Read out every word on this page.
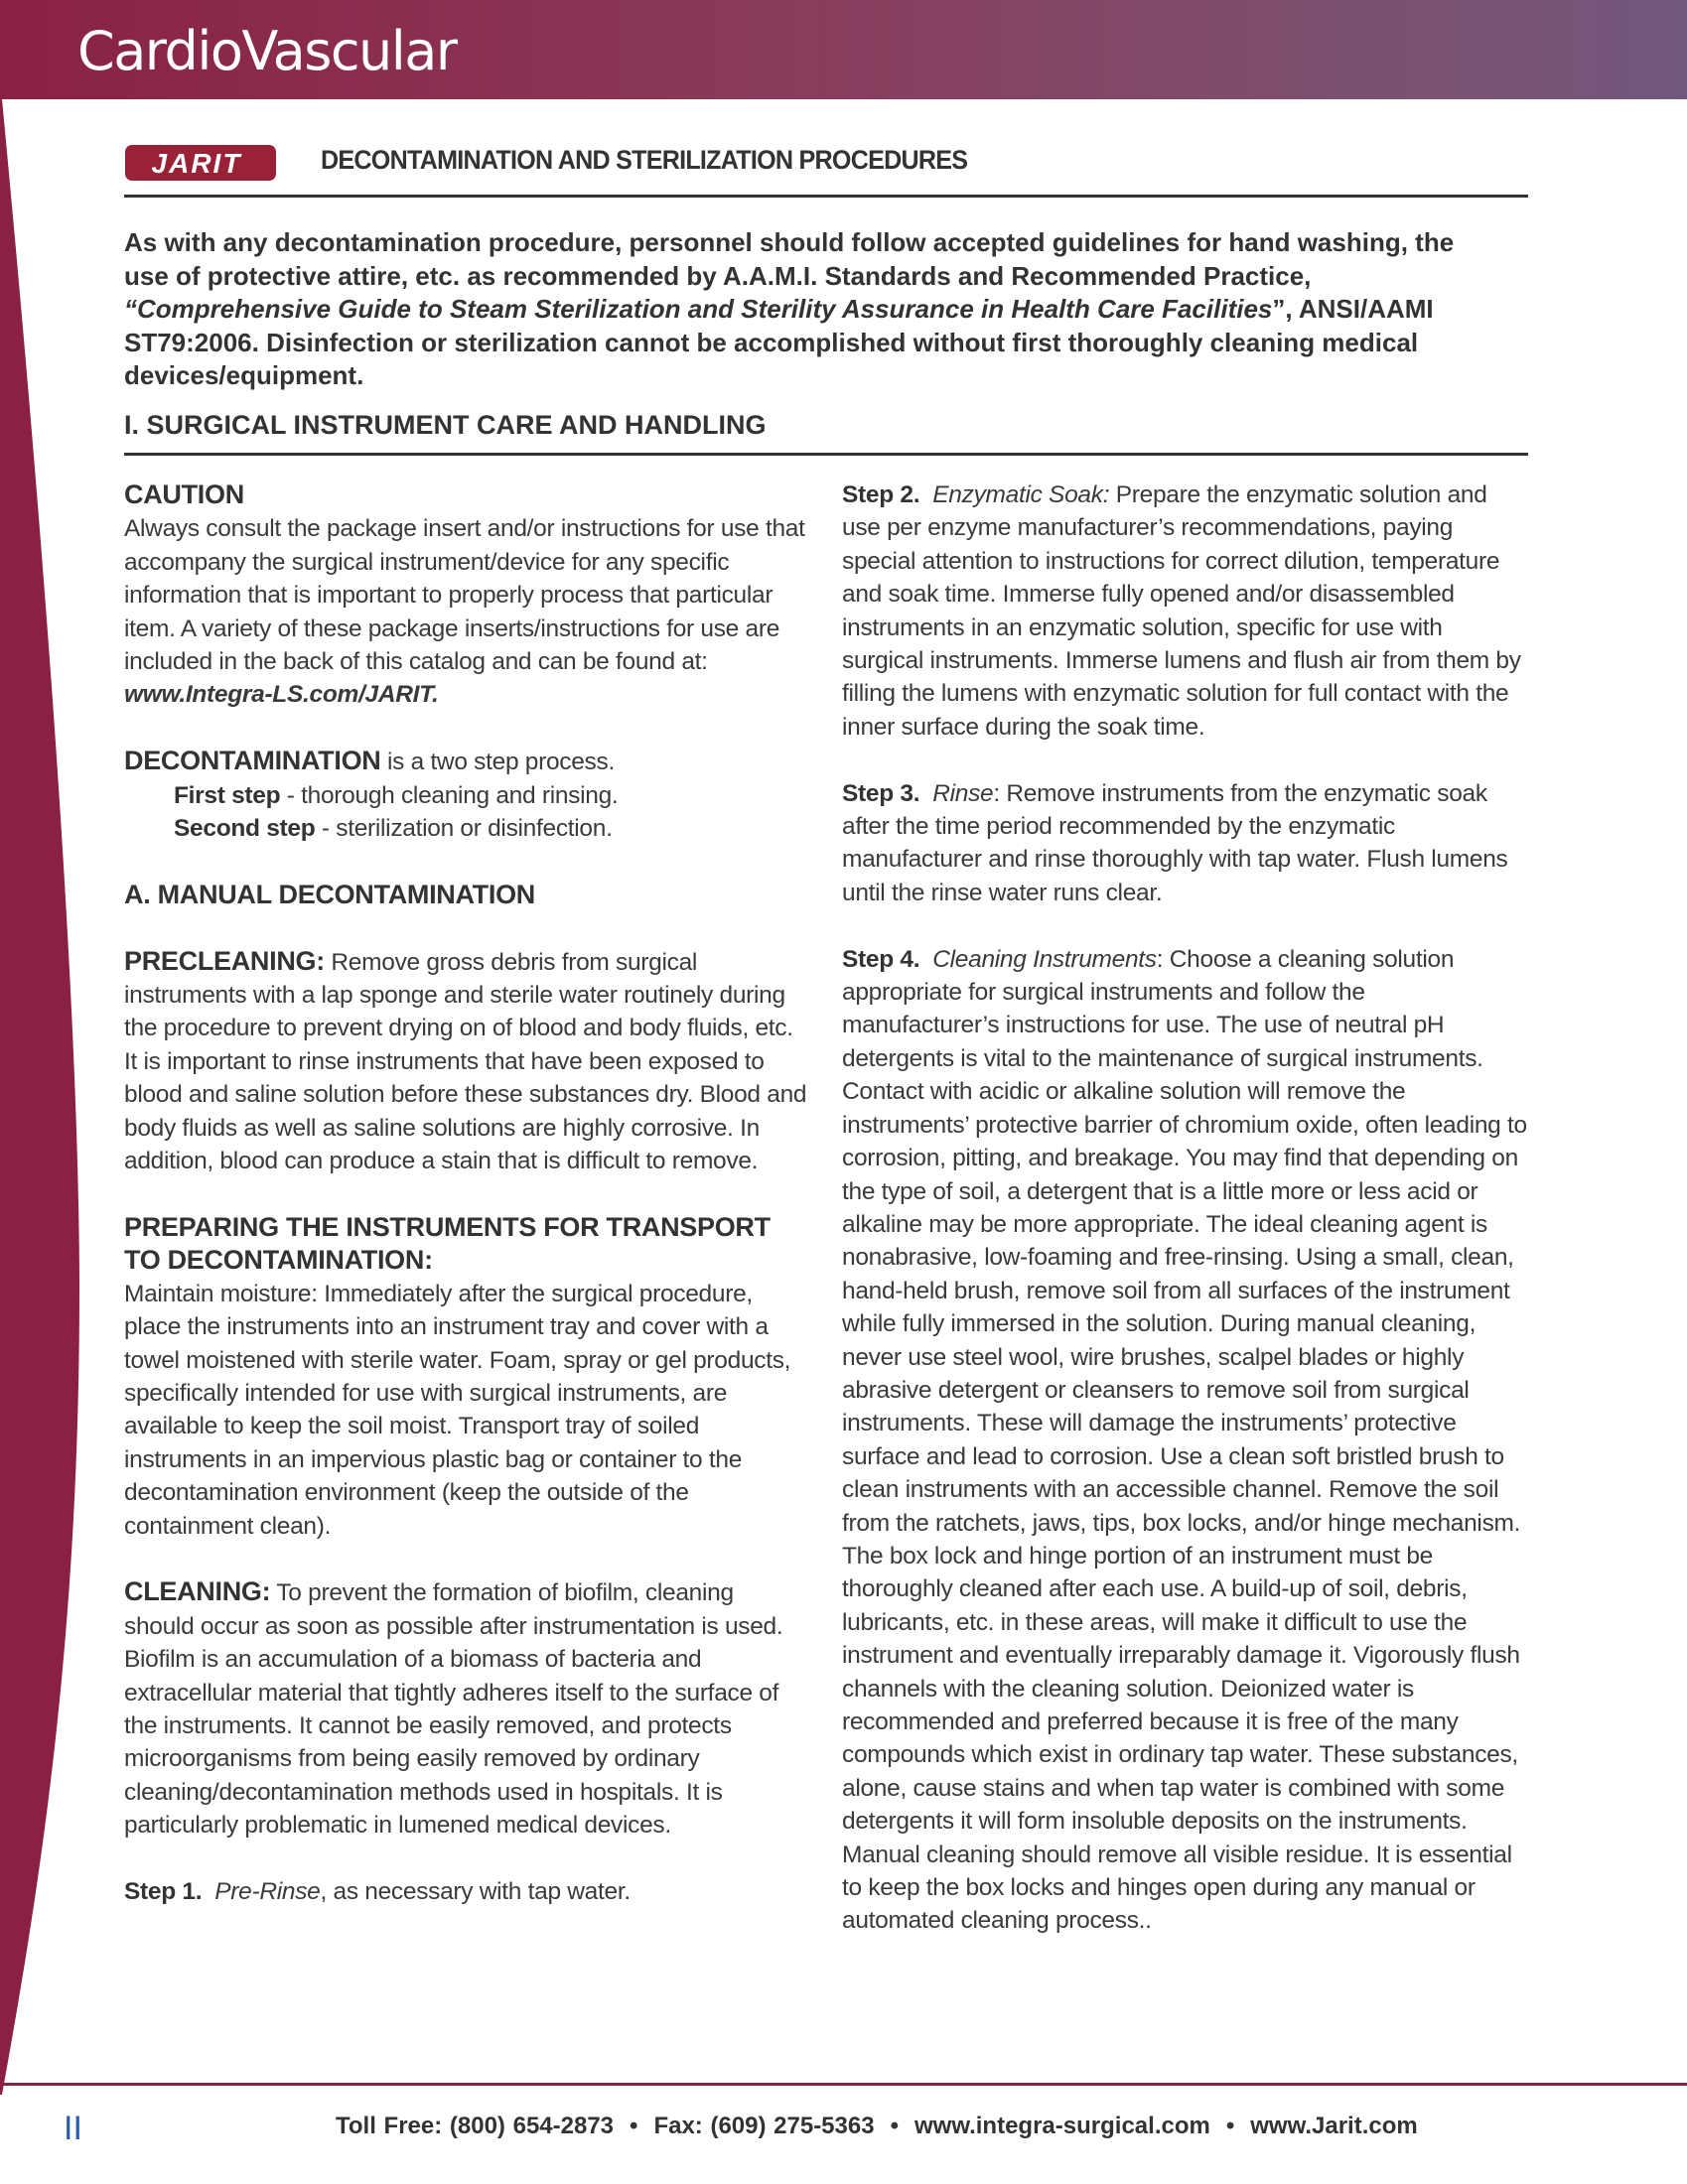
CardioVascular
JARIT	DECONTAMINATION AND STERILIZATION PROCEDURES
As with any decontamination procedure, personnel should follow accepted guidelines for hand washing, the use of protective attire, etc. as recommended by A.A.M.I. Standards and Recommended Practice, “Comprehensive Guide to Steam Sterilization and Sterility Assurance in Health Care Facilities”, ANSI/AAMI ST79:2006. Disinfection or sterilization cannot be accomplished without first thoroughly cleaning medical devices/equipment.
I. SURGICAL INSTRUMENT CARE AND HANDLING

CAUTION
Always consult the package insert and/or instructions for use that accompany the surgical instrument/device for any specific information that is important to properly process that particular item. A variety of these package inserts/instructions for use are included in the back of this catalog and can be found at:
www.Integra-LS.com/JARIT.

DECONTAMINATION is a two step process.
First step - thorough cleaning and rinsing.
Second step - sterilization or disinfection.

A. MANUAL DECONTAMINATION

PRECLEANING: Remove gross debris from surgical instruments with a lap sponge and sterile water routinely during the procedure to prevent drying on of blood and body fluids, etc. It is important to rinse instruments that have been exposed to blood and saline solution before these substances dry. Blood and body fluids as well as saline solutions are highly corrosive. In addition, blood can produce a stain that is difficult to remove.

PREPARING THE INSTRUMENTS FOR TRANSPORT TO DECONTAMINATION:
Maintain moisture: Immediately after the surgical procedure, place the instruments into an instrument tray and cover with a towel moistened with sterile water. Foam, spray or gel products, specifically intended for use with surgical instruments, are available to keep the soil moist. Transport tray of soiled instruments in an impervious plastic bag or container to the decontamination environment (keep the outside of the containment clean).

CLEANING: To prevent the formation of biofilm, cleaning should occur as soon as possible after instrumentation is used. Biofilm is an accumulation of a biomass of bacteria and extracellular material that tightly adheres itself to the surface of the instruments. It cannot be easily removed, and protects microorganisms from being easily removed by ordinary cleaning/decontamination methods used in hospitals. It is particularly problematic in lumened medical devices.

Step 1. Pre-Rinse, as necessary with tap water.

Step 2. Enzymatic Soak: Prepare the enzymatic solution and use per enzyme manufacturer’s recommendations, paying special attention to instructions for correct dilution, temperature and soak time. Immerse fully opened and/or disassembled instruments in an enzymatic solution, specific for use with surgical instruments. Immerse lumens and flush air from them by filling the lumens with enzymatic solution for full contact with the inner surface during the soak time.

Step 3. Rinse: Remove instruments from the enzymatic soak after the time period recommended by the enzymatic manufacturer and rinse thoroughly with tap water. Flush lumens until the rinse water runs clear.

Step 4. Cleaning Instruments: Choose a cleaning solution appropriate for surgical instruments and follow the manufacturer’s instructions for use. The use of neutral pH detergents is vital to the maintenance of surgical instruments. Contact with acidic or alkaline solution will remove the instruments’ protective barrier of chromium oxide, often leading to corrosion, pitting, and breakage. You may find that depending on the type of soil, a detergent that is a little more or less acid or alkaline may be more appropriate. The ideal cleaning agent is nonabrasive, low-foaming and free-rinsing. Using a small, clean, hand-held brush, remove soil from all surfaces of the instrument while fully immersed in the solution. During manual cleaning, never use steel wool, wire brushes, scalpel blades or highly abrasive detergent or cleansers to remove soil from surgical instruments. These will damage the instruments’ protective surface and lead to corrosion. Use a clean soft bristled brush to clean instruments with an accessible channel. Remove the soil from the ratchets, jaws, tips, box locks, and/or hinge mechanism. The box lock and hinge portion of an instrument must be thoroughly cleaned after each use. A build-up of soil, debris, lubricants, etc. in these areas, will make it difficult to use the instrument and eventually irreparably damage it. Vigorously flush channels with the cleaning solution. Deionized water is recommended and preferred because it is free of the many compounds which exist in ordinary tap water. These substances, alone, cause stains and when tap water is combined with some detergents it will form insoluble deposits on the instruments. Manual cleaning should remove all visible residue. It is essential to keep the box locks and hinges open during any manual or automated cleaning process..

II	Toll Free: (800) 654-2873 • Fax: (609) 275-5363 • www.integra-surgical.com • www.Jarit.com
